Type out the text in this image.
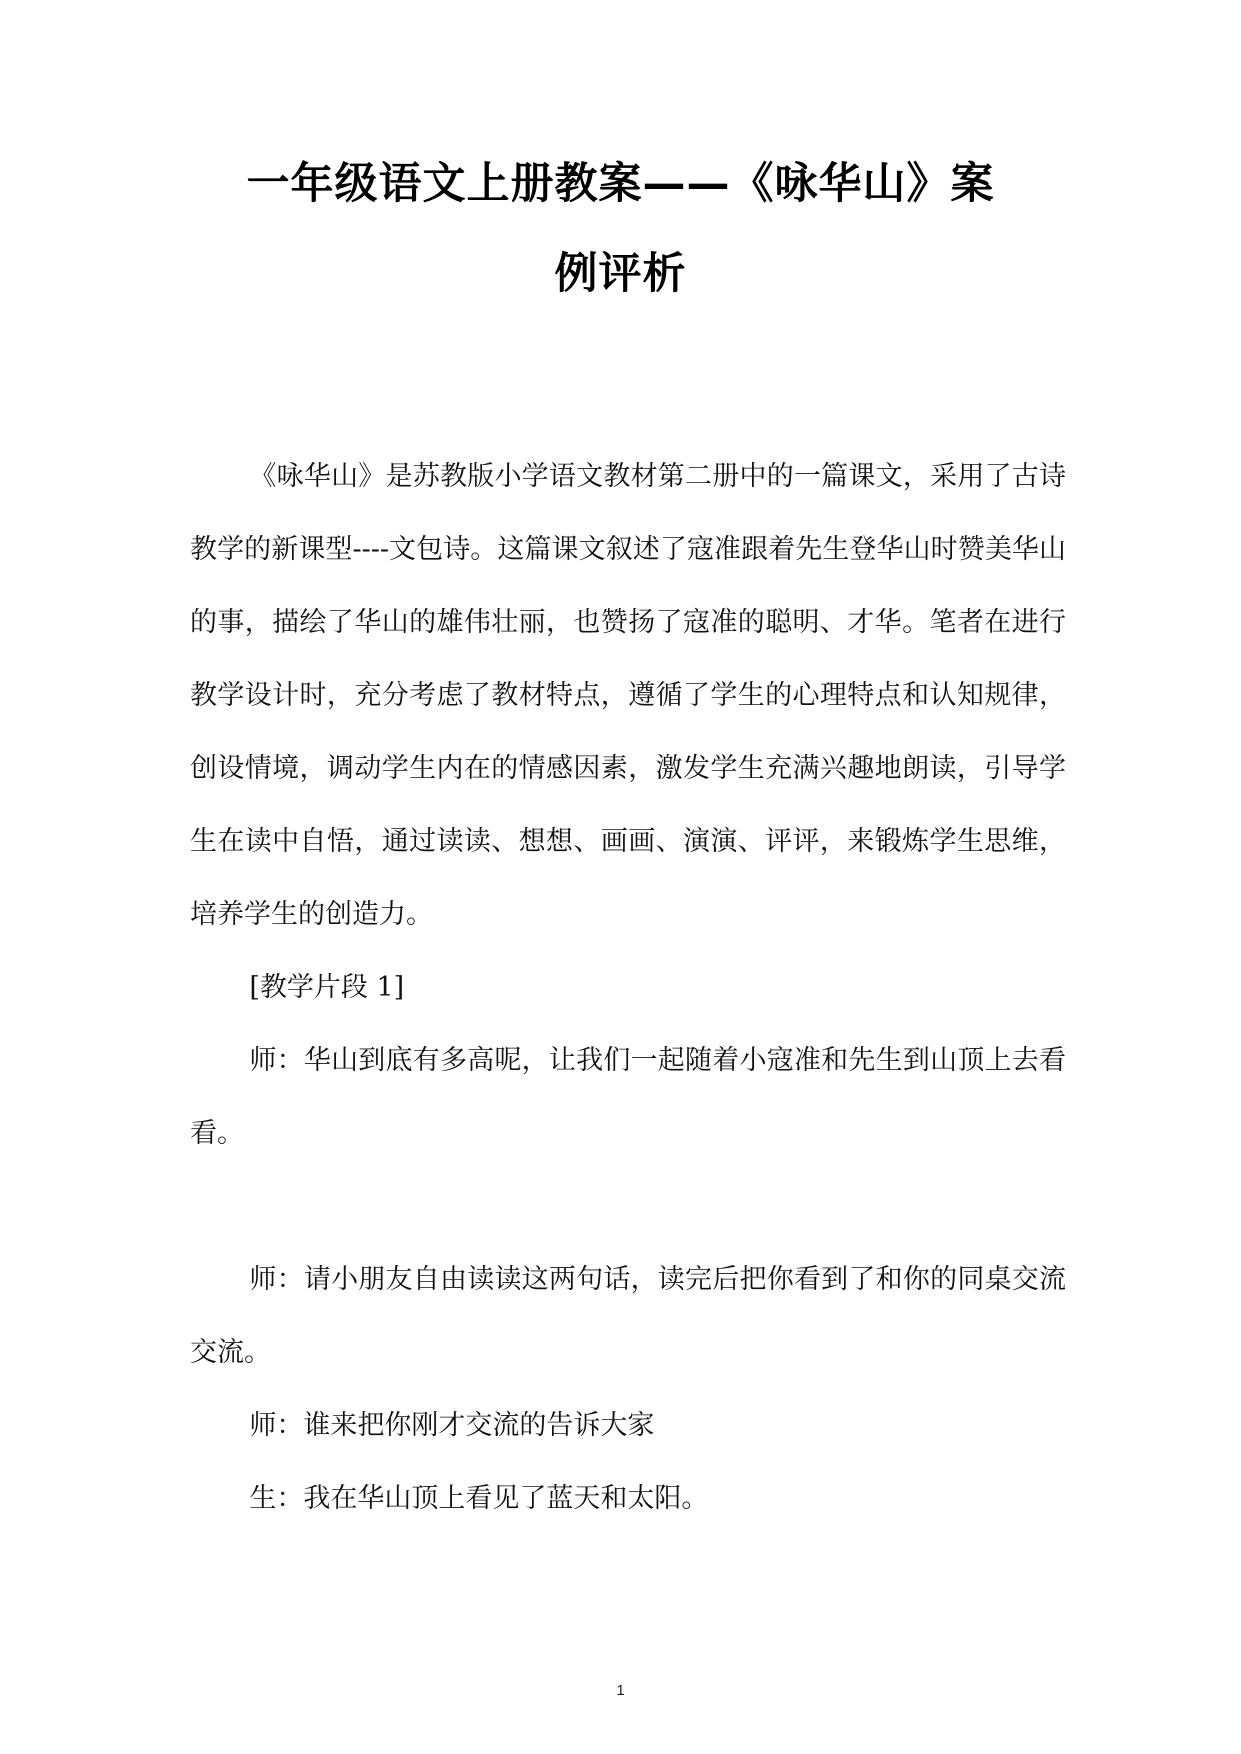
一年级语文上册教案——《咏华山》案
例评析

《咏华山》是苏教版小学语文教材第二册中的一篇课文，采用了古诗教学的新课型----文包诗。这篇课文叙述了寇准跟着先生登华山时赞美华山的事，描绘了华山的雄伟壮丽，也赞扬了寇准的聪明、才华。笔者在进行教学设计时，充分考虑了教材特点，遵循了学生的心理特点和认知规律，创设情境，调动学生内在的情感因素，激发学生充满兴趣地朗读，引导学生在读中自悟，通过读读、想想、画画、演演、评评，来锻炼学生思维，培养学生的创造力。

[教学片段 1]

师：华山到底有多高呢，让我们一起随着小寇准和先生到山顶上去看看。

师：请小朋友自由读读这两句话，读完后把你看到了和你的同桌交流交流。

师：谁来把你刚才交流的告诉大家

生：我在华山顶上看见了蓝天和太阳。

1
